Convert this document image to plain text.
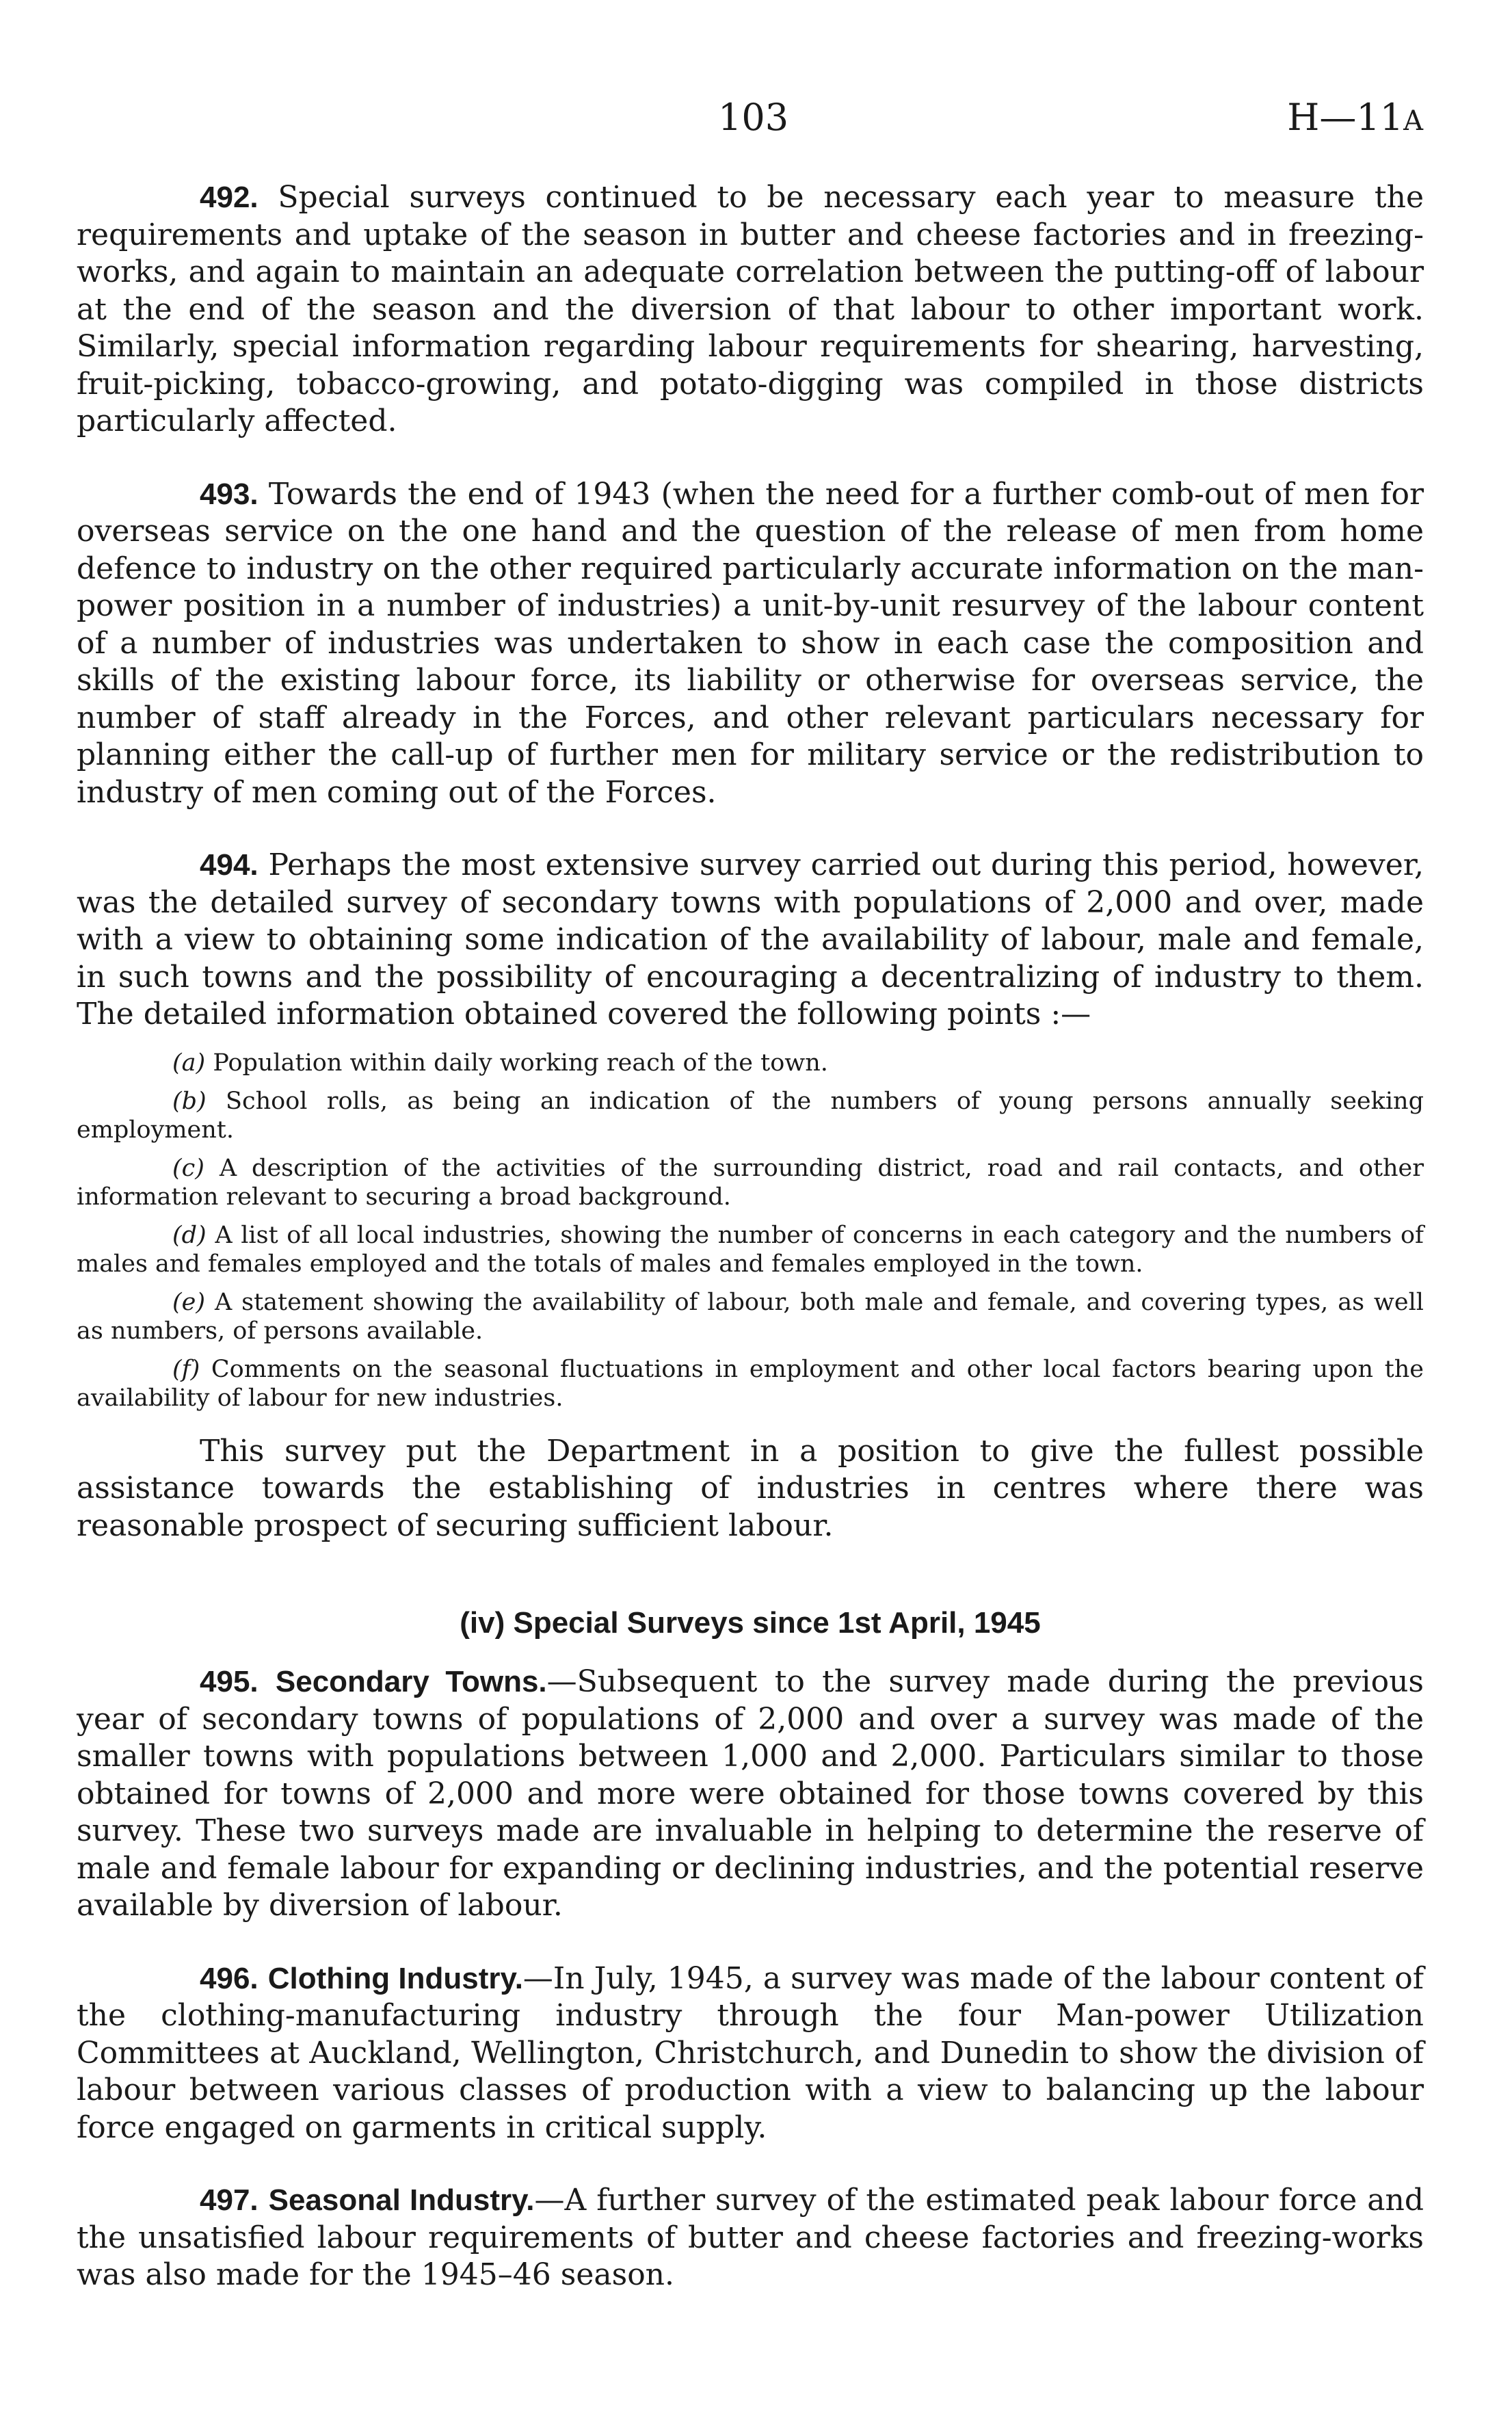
103	H—11A

492. Special surveys continued to be necessary each year to measure the requirements and uptake of the season in butter and cheese factories and in freezing-works, and again to maintain an adequate correlation between the putting-off of labour at the end of the season and the diversion of that labour to other important work. Similarly, special information regarding labour requirements for shearing, harvesting, fruit-picking, tobacco-growing, and potato-digging was compiled in those districts particularly affected.

493. Towards the end of 1943 (when the need for a further comb-out of men for overseas service on the one hand and the question of the release of men from home defence to industry on the other required particularly accurate information on the man-power position in a number of industries) a unit-by-unit resurvey of the labour content of a number of industries was undertaken to show in each case the composition and skills of the existing labour force, its liability or otherwise for overseas service, the number of staff already in the Forces, and other relevant particulars necessary for planning either the call-up of further men for military service or the redistribution to industry of men coming out of the Forces.

494. Perhaps the most extensive survey carried out during this period, however, was the detailed survey of secondary towns with populations of 2,000 and over, made with a view to obtaining some indication of the availability of labour, male and female, in such towns and the possibility of encouraging a decentralizing of industry to them. The detailed information obtained covered the following points :—

(a) Population within daily working reach of the town.

(b) School rolls, as being an indication of the numbers of young persons annually seeking employment.

(c) A description of the activities of the surrounding district, road and rail contacts, and other information relevant to securing a broad background.

(d) A list of all local industries, showing the number of concerns in each category and the numbers of males and females employed and the totals of males and females employed in the town.

(e) A statement showing the availability of labour, both male and female, and covering types, as well as numbers, of persons available.

(f) Comments on the seasonal fluctuations in employment and other local factors bearing upon the availability of labour for new industries.

This survey put the Department in a position to give the fullest possible assistance towards the establishing of industries in centres where there was reasonable prospect of securing sufficient labour.

(iv) Special Surveys since 1st April, 1945

495. Secondary Towns.—Subsequent to the survey made during the previous year of secondary towns of populations of 2,000 and over a survey was made of the smaller towns with populations between 1,000 and 2,000. Particulars similar to those obtained for towns of 2,000 and more were obtained for those towns covered by this survey. These two surveys made are invaluable in helping to determine the reserve of male and female labour for expanding or declining industries, and the potential reserve available by diversion of labour.

496. Clothing Industry.—In July, 1945, a survey was made of the labour content of the clothing-manufacturing industry through the four Man-power Utilization Committees at Auckland, Wellington, Christchurch, and Dunedin to show the division of labour between various classes of production with a view to balancing up the labour force engaged on garments in critical supply.

497. Seasonal Industry.—A further survey of the estimated peak labour force and the unsatisfied labour requirements of butter and cheese factories and freezing-works was also made for the 1945–46 season.
